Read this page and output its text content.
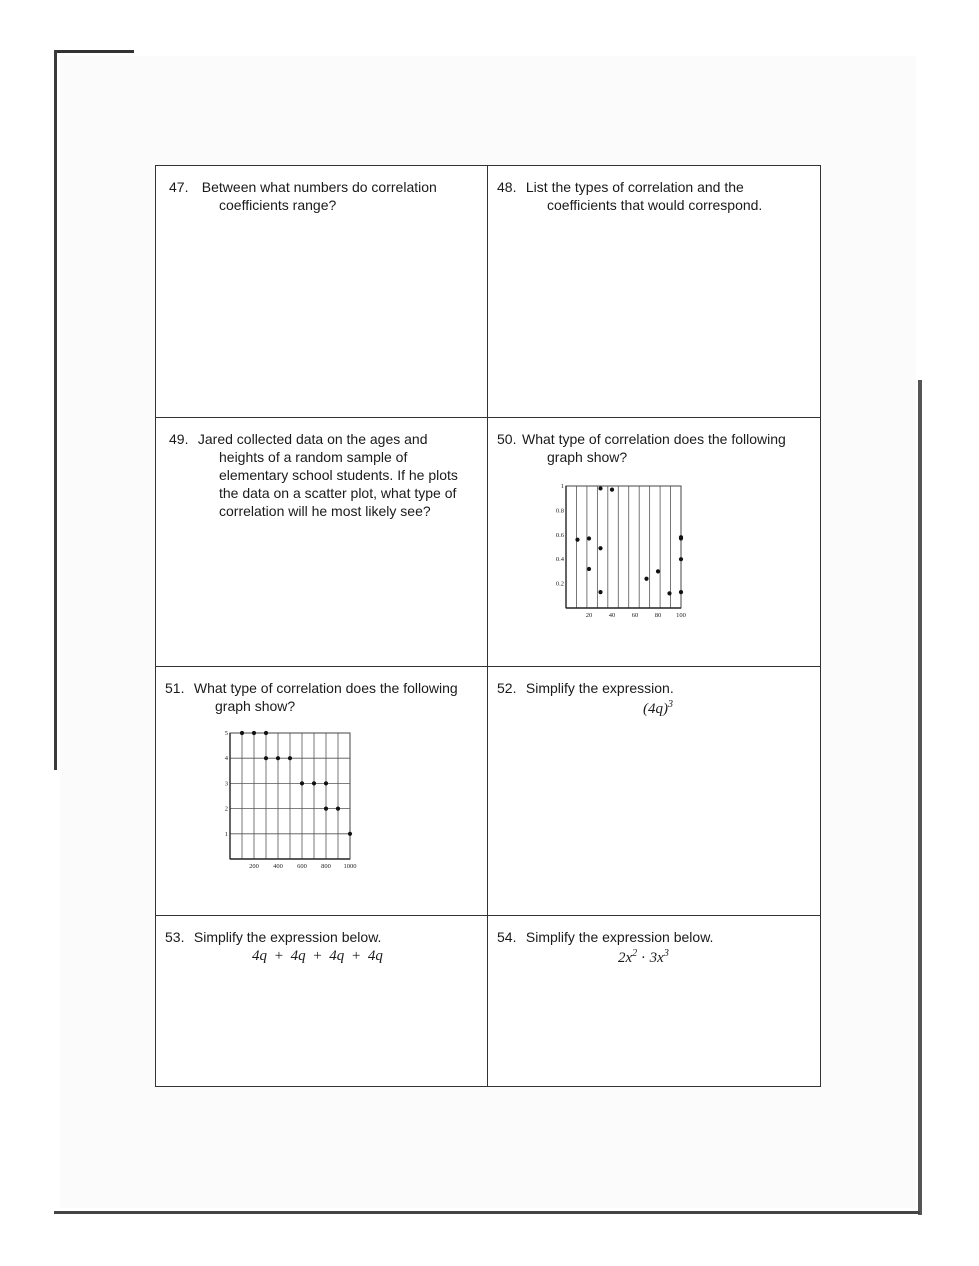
47. Between what numbers do correlation coefficients range?
48. List the types of correlation and the coefficients that would correspond.
49. Jared collected data on the ages and heights of a random sample of elementary school students. If he plots the data on a scatter plot, what type of correlation will he most likely see?
50. What type of correlation does the following graph show?
20	40	60	80 100
0.2
0.4
0.6
0.8
1
51. What type of correlation does the following graph show?
200 400 600 800 1000
1
2
3
4
5
52. Simplify the expression.
$(4q)^3$
53. Simplify the expression below.
4q + 4q + 4q + 4q
54. Simplify the expression below.
$2x^2 \cdot 3x^3$
